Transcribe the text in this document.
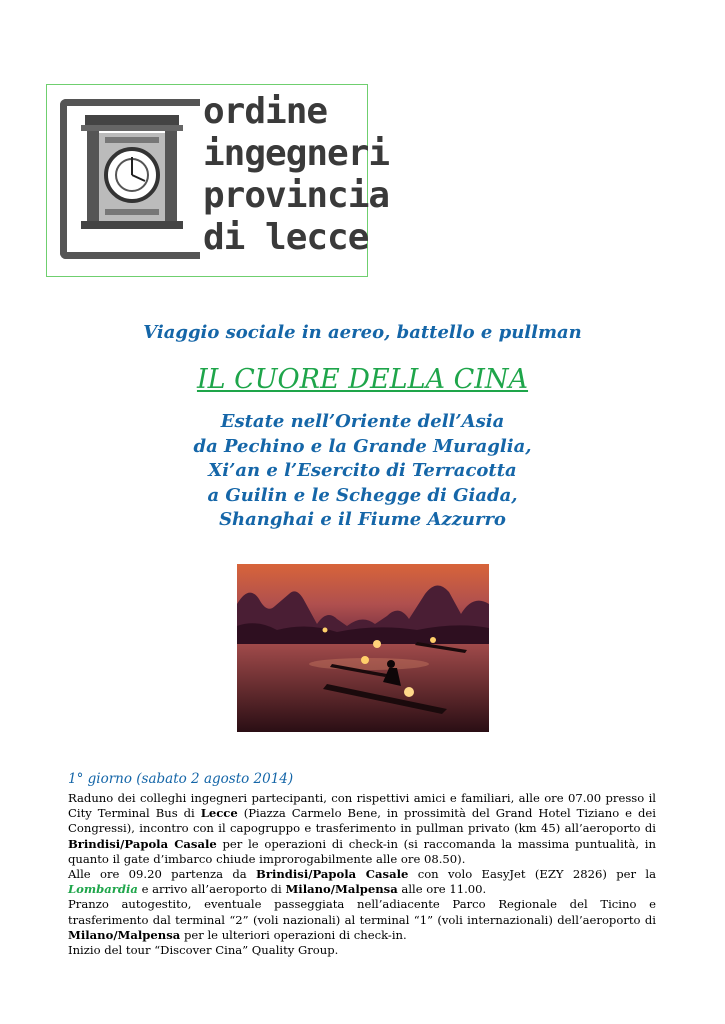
ordine
ingegneri
provincia
di lecce
Viaggio sociale in aereo, battello e pullman
IL CUORE DELLA CINA
Estate nell’Oriente dell’Asia
da Pechino e la Grande Muraglia,
Xi’an e l’Esercito di Terracotta
a Guilin e le Schegge di Giada,
Shanghai e il Fiume Azzurro
1° giorno (sabato 2 agosto 2014)

Raduno dei colleghi ingegneri partecipanti, con rispettivi amici e familiari, alle ore 07.00 presso il City Terminal Bus di Lecce (Piazza Carmelo Bene, in prossimità del Grand Hotel Tiziano e dei Congressi), incontro con il capogruppo e trasferimento in pullman privato (km 45) all’aeroporto di Brindisi/Papola Casale per le operazioni di check-in (si raccomanda la massima puntualità, in quanto il gate d’imbarco chiude improrogabilmente alle ore 08.50).

Alle ore 09.20 partenza da Brindisi/Papola Casale con volo EasyJet (EZY 2826) per la Lombardia e arrivo all’aeroporto di Milano/Malpensa alle ore 11.00.

Pranzo autogestito, eventuale passeggiata nell’adiacente Parco Regionale del Ticino e trasferimento dal terminal “2” (voli nazionali) al terminal “1” (voli internazionali) dell’aeroporto di Milano/Malpensa per le ulteriori operazioni di check-in.

Inizio del tour “Discover Cina” Quality Group.
